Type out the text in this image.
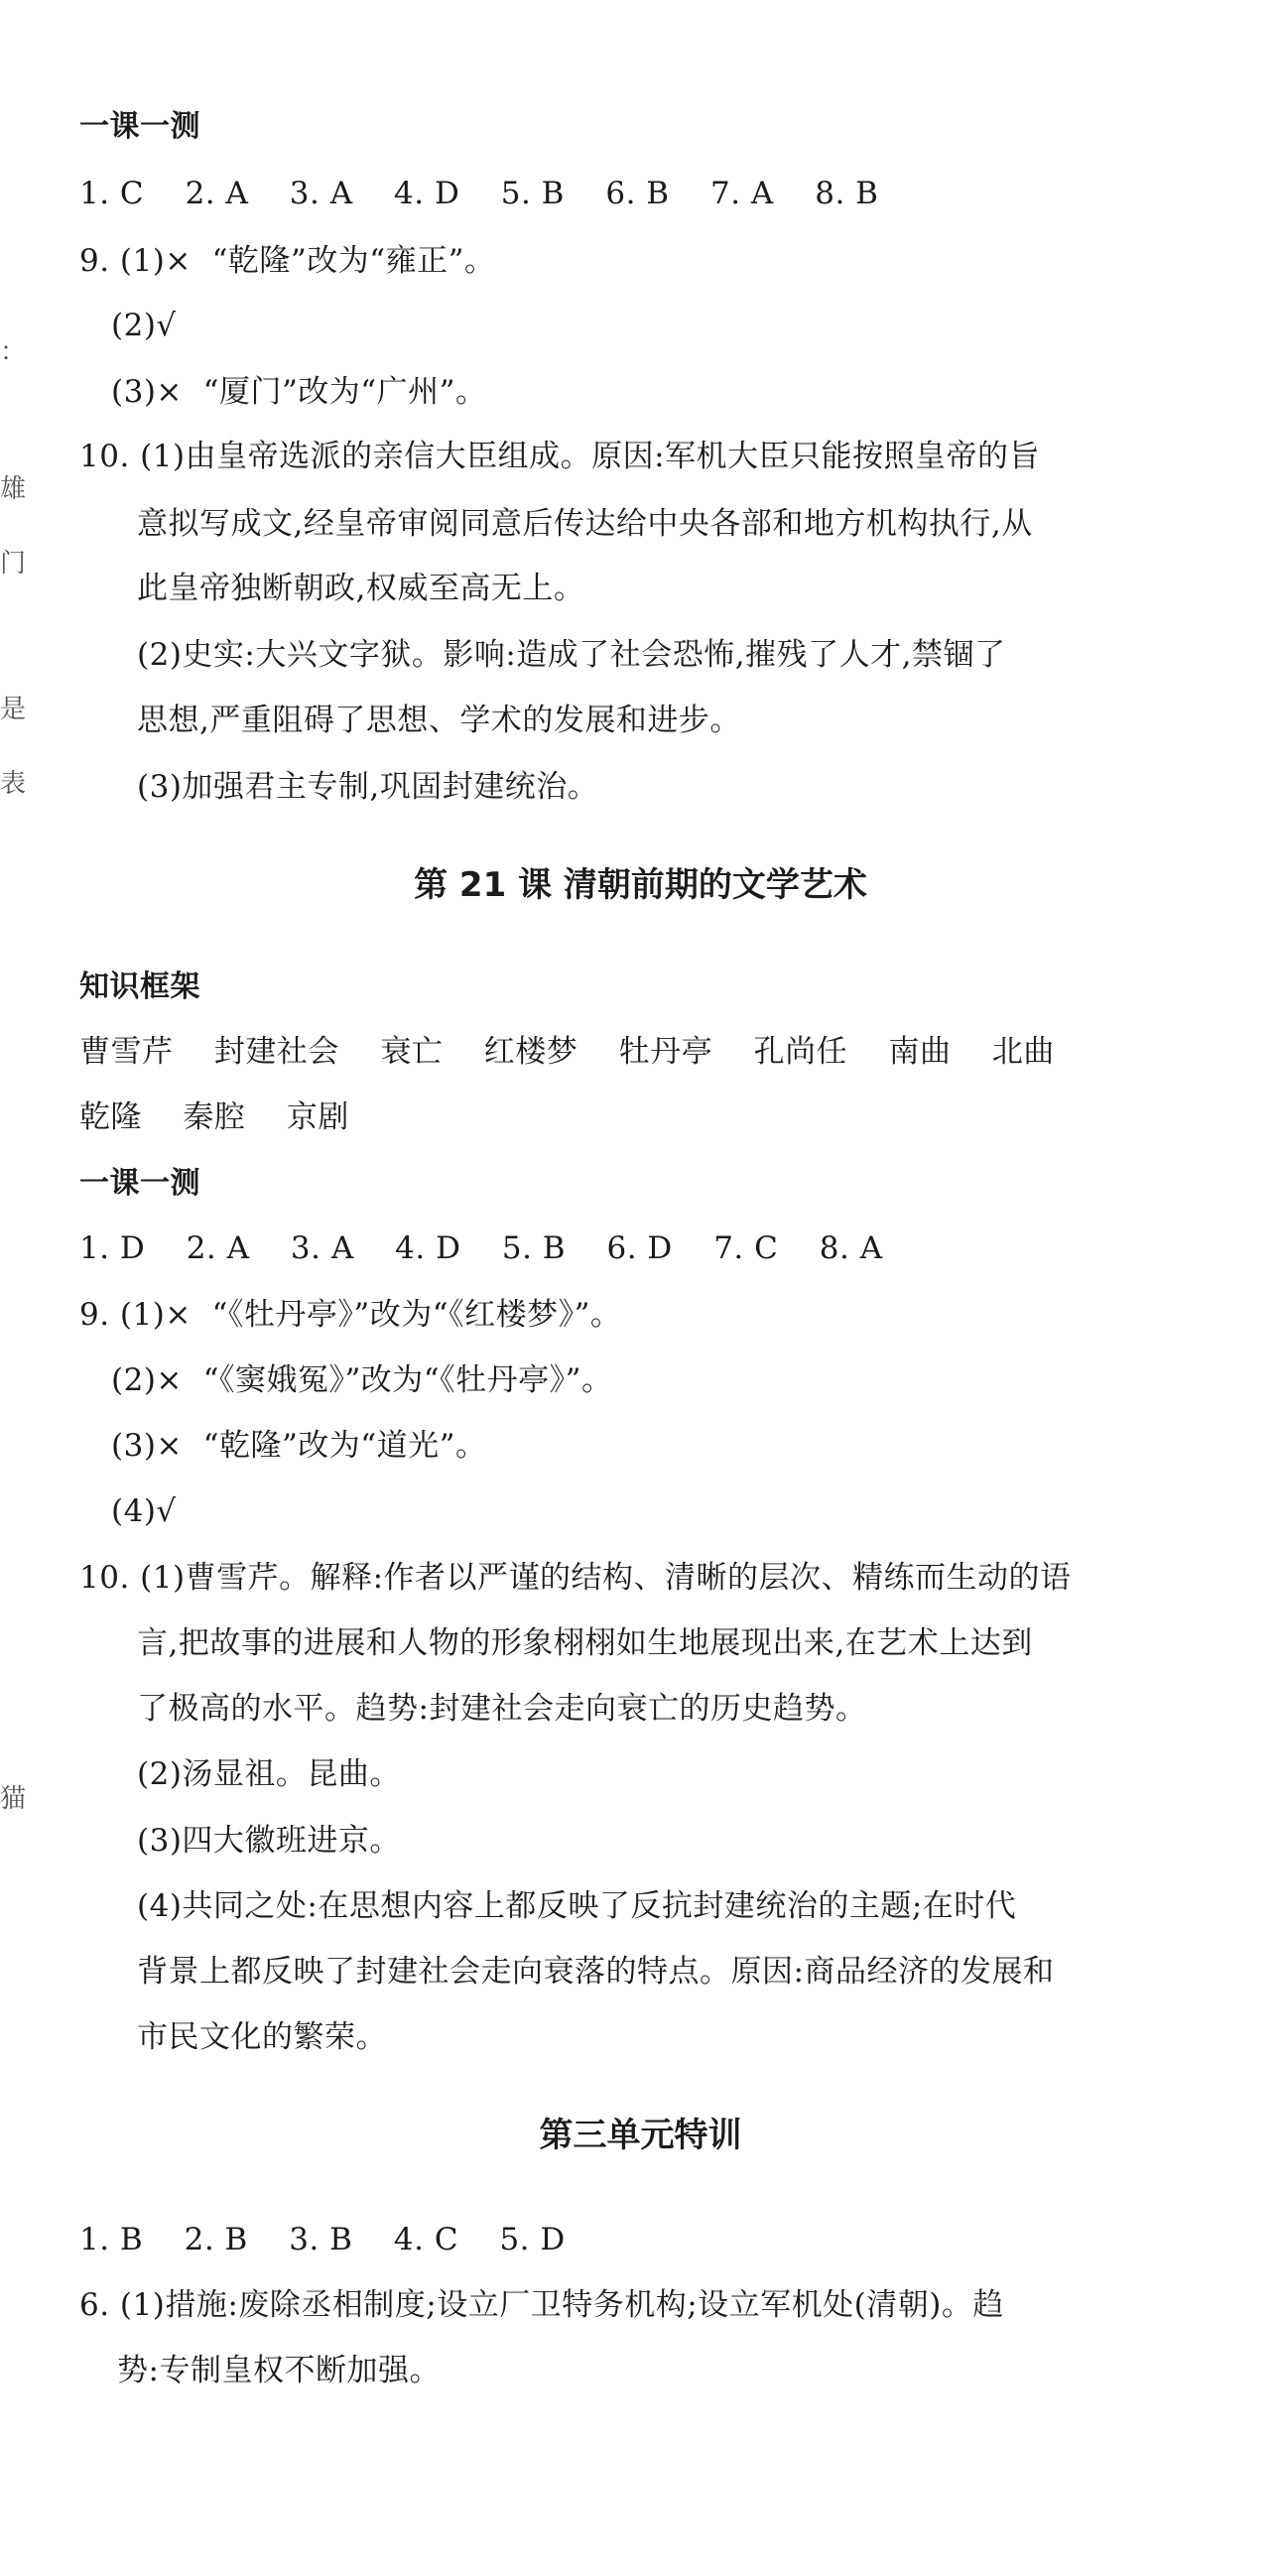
：
雄
门
是
表
猫
一课一测
1. C    2. A    3. A    4. D    5. B    6. B    7. A    8. B
9. (1)×  “乾隆”改为“雍正”。
(2)√
(3)×  “厦门”改为“广州”。
10. (1)由皇帝选派的亲信大臣组成。原因:军机大臣只能按照皇帝的旨
意拟写成文,经皇帝审阅同意后传达给中央各部和地方机构执行,从
此皇帝独断朝政,权威至高无上。
(2)史实:大兴文字狱。影响:造成了社会恐怖,摧残了人才,禁锢了
思想,严重阻碍了思想、学术的发展和进步。
(3)加强君主专制,巩固封建统治。
第 21 课 清朝前期的文学艺术
知识框架
曹雪芹    封建社会    衰亡    红楼梦    牡丹亭    孔尚任    南曲    北曲
乾隆    秦腔    京剧
一课一测
1. D    2. A    3. A    4. D    5. B    6. D    7. C    8. A
9. (1)×  “《牡丹亭》”改为“《红楼梦》”。
(2)×  “《窦娥冤》”改为“《牡丹亭》”。
(3)×  “乾隆”改为“道光”。
(4)√
10. (1)曹雪芹。解释:作者以严谨的结构、清晰的层次、精练而生动的语
言,把故事的进展和人物的形象栩栩如生地展现出来,在艺术上达到
了极高的水平。趋势:封建社会走向衰亡的历史趋势。
(2)汤显祖。昆曲。
(3)四大徽班进京。
(4)共同之处:在思想内容上都反映了反抗封建统治的主题;在时代
背景上都反映了封建社会走向衰落的特点。原因:商品经济的发展和
市民文化的繁荣。
第三单元特训
1. B    2. B    3. B    4. C    5. D
6. (1)措施:废除丞相制度;设立厂卫特务机构;设立军机处(清朝)。趋
势:专制皇权不断加强。
